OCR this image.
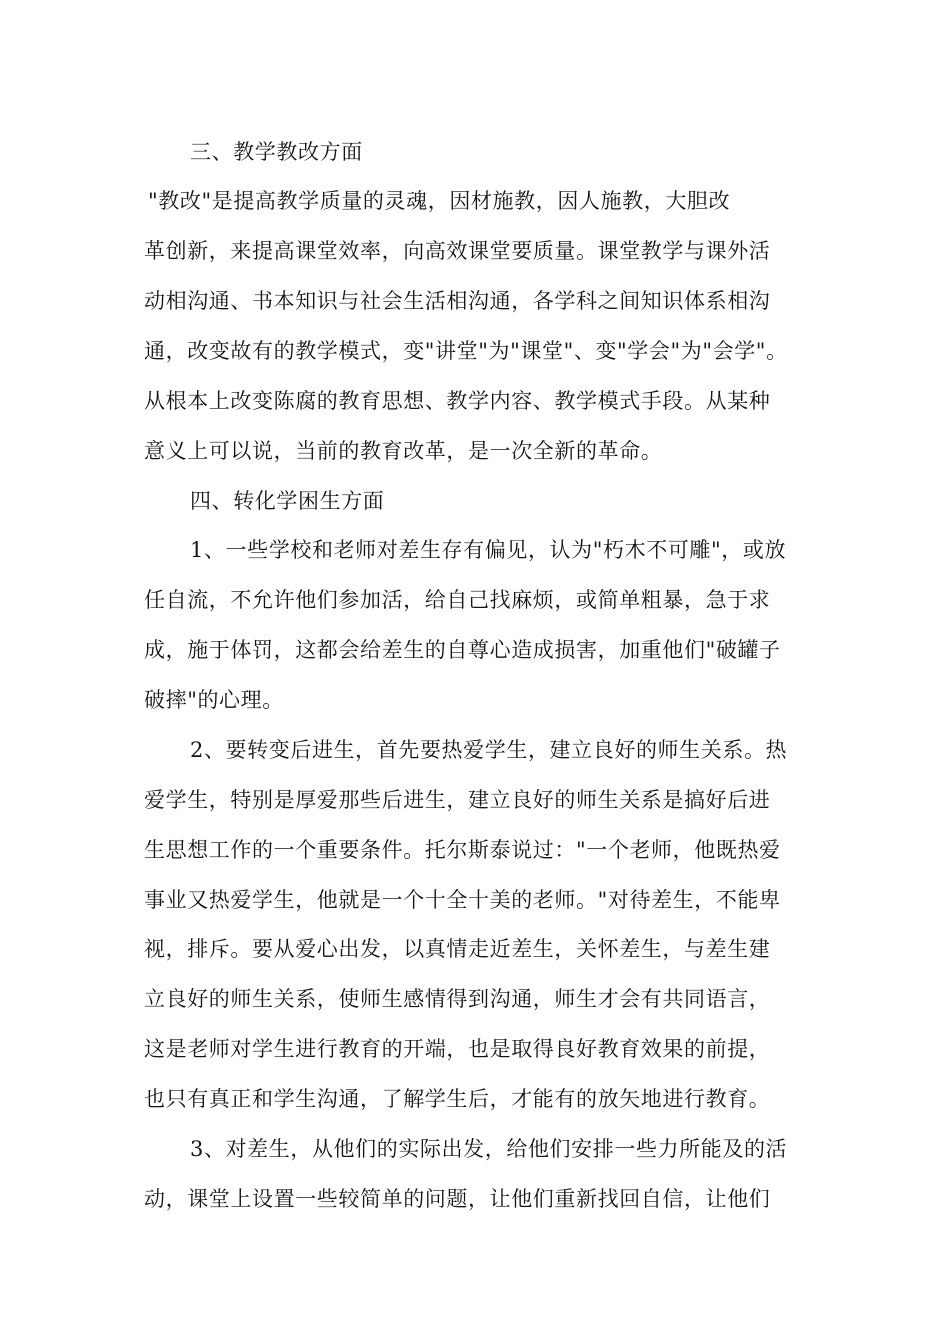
三、教学教改方面
"教改"是提高教学质量的灵魂，因材施教，因人施教，大胆改
革创新，来提高课堂效率，向高效课堂要质量。课堂教学与课外活
动相沟通、书本知识与社会生活相沟通，各学科之间知识体系相沟
通，改变故有的教学模式，变"讲堂"为"课堂"、变"学会"为"会学"。
从根本上改变陈腐的教育思想、教学内容、教学模式手段。从某种
意义上可以说，当前的教育改革，是一次全新的革命。
四、转化学困生方面
1、一些学校和老师对差生存有偏见，认为"朽木不可雕"，或放
任自流，不允许他们参加活，给自己找麻烦，或简单粗暴，急于求
成，施于体罚，这都会给差生的自尊心造成损害，加重他们"破罐子
破摔"的心理。
2、要转变后进生，首先要热爱学生，建立良好的师生关系。热
爱学生，特别是厚爱那些后进生，建立良好的师生关系是搞好后进
生思想工作的一个重要条件。托尔斯泰说过："一个老师，他既热爱
事业又热爱学生，他就是一个十全十美的老师。"对待差生，不能卑
视，排斥。要从爱心出发，以真情走近差生，关怀差生，与差生建
立良好的师生关系，使师生感情得到沟通，师生才会有共同语言，
这是老师对学生进行教育的开端，也是取得良好教育效果的前提，
也只有真正和学生沟通，了解学生后，才能有的放矢地进行教育。
3、对差生，从他们的实际出发，给他们安排一些力所能及的活
动，课堂上设置一些较简单的问题，让他们重新找回自信，让他们
